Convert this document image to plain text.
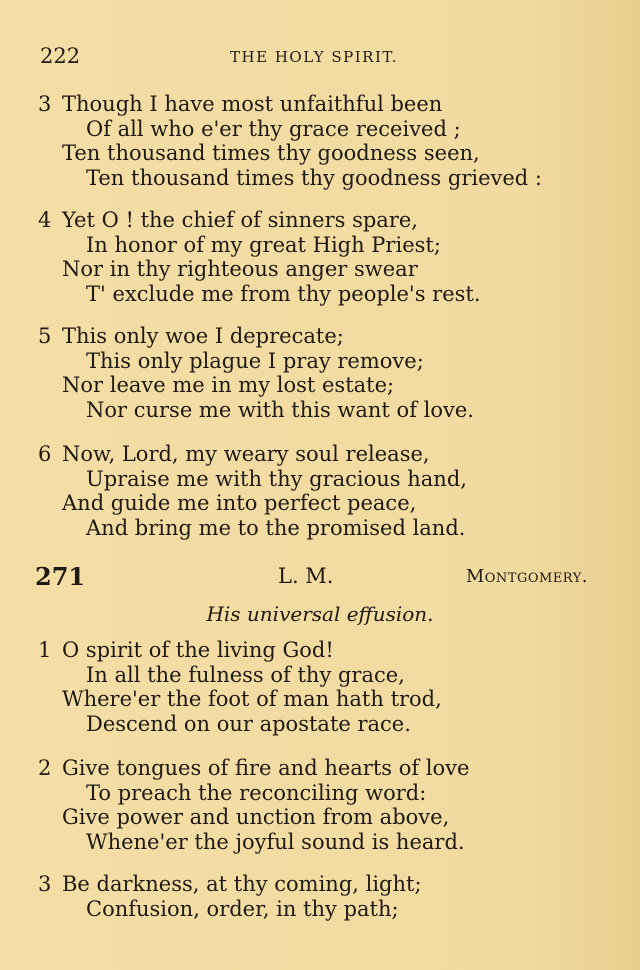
222	THE HOLY SPIRIT.
3 Though I have most unfaithful been
Of all who e'er thy grace received ;
Ten thousand times thy goodness seen,
Ten thousand times thy goodness grieved :
4 Yet O ! the chief of sinners spare,
In honor of my great High Priest;
Nor in thy righteous anger swear
T' exclude me from thy people's rest.
5 This only woe I deprecate;
This only plague I pray remove;
Nor leave me in my lost estate;
Nor curse me with this want of love.
6 Now, Lord, my weary soul release,
Upraise me with thy gracious hand,
And guide me into perfect peace,
And bring me to the promised land.
271	L. M.	Montgomery.
His universal effusion.
1 O spirit of the living God!
In all the fulness of thy grace,
Where'er the foot of man hath trod,
Descend on our apostate race.
2 Give tongues of fire and hearts of love
To preach the reconciling word:
Give power and unction from above,
Whene'er the joyful sound is heard.
3 Be darkness, at thy coming, light;
Confusion, order, in thy path;
